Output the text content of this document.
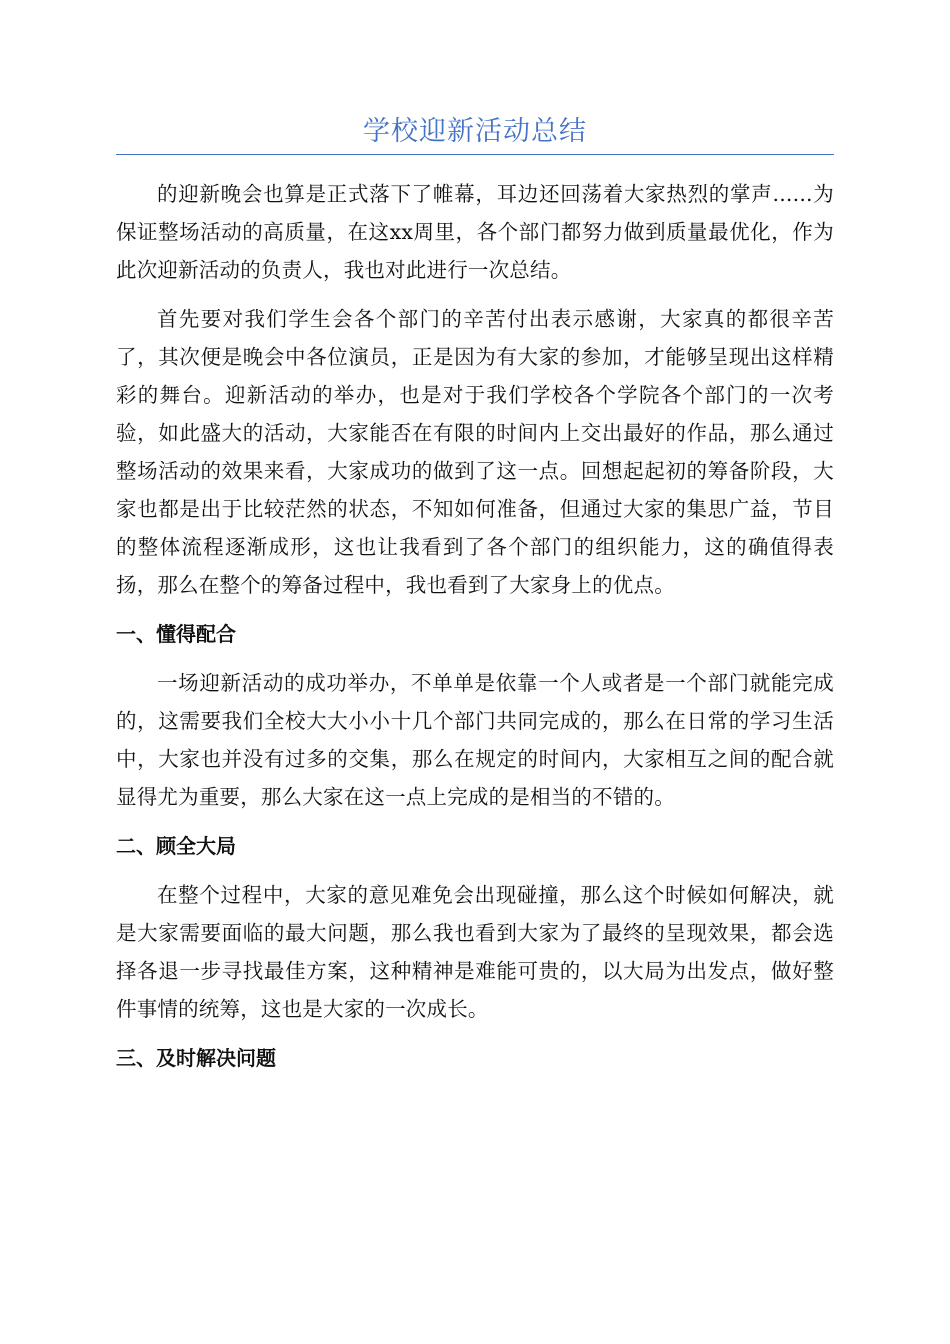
学校迎新活动总结

的迎新晚会也算是正式落下了帷幕，耳边还回荡着大家热烈的掌声......为保证整场活动的高质量，在这xx周里，各个部门都努力做到质量最优化，作为此次迎新活动的负责人，我也对此进行一次总结。

首先要对我们学生会各个部门的辛苦付出表示感谢，大家真的都很辛苦了，其次便是晚会中各位演员，正是因为有大家的参加，才能够呈现出这样精彩的舞台。迎新活动的举办，也是对于我们学校各个学院各个部门的一次考验，如此盛大的活动，大家能否在有限的时间内上交出最好的作品，那么通过整场活动的效果来看，大家成功的做到了这一点。回想起起初的筹备阶段，大家也都是出于比较茫然的状态，不知如何准备，但通过大家的集思广益，节目的整体流程逐渐成形，这也让我看到了各个部门的组织能力，这的确值得表扬，那么在整个的筹备过程中，我也看到了大家身上的优点。

一、懂得配合

一场迎新活动的成功举办，不单单是依靠一个人或者是一个部门就能完成的，这需要我们全校大大小小十几个部门共同完成的，那么在日常的学习生活中，大家也并没有过多的交集，那么在规定的时间内，大家相互之间的配合就显得尤为重要，那么大家在这一点上完成的是相当的不错的。

二、顾全大局

在整个过程中，大家的意见难免会出现碰撞，那么这个时候如何解决，就是大家需要面临的最大问题，那么我也看到大家为了最终的呈现效果，都会选择各退一步寻找最佳方案，这种精神是难能可贵的，以大局为出发点，做好整件事情的统筹，这也是大家的一次成长。

三、及时解决问题
